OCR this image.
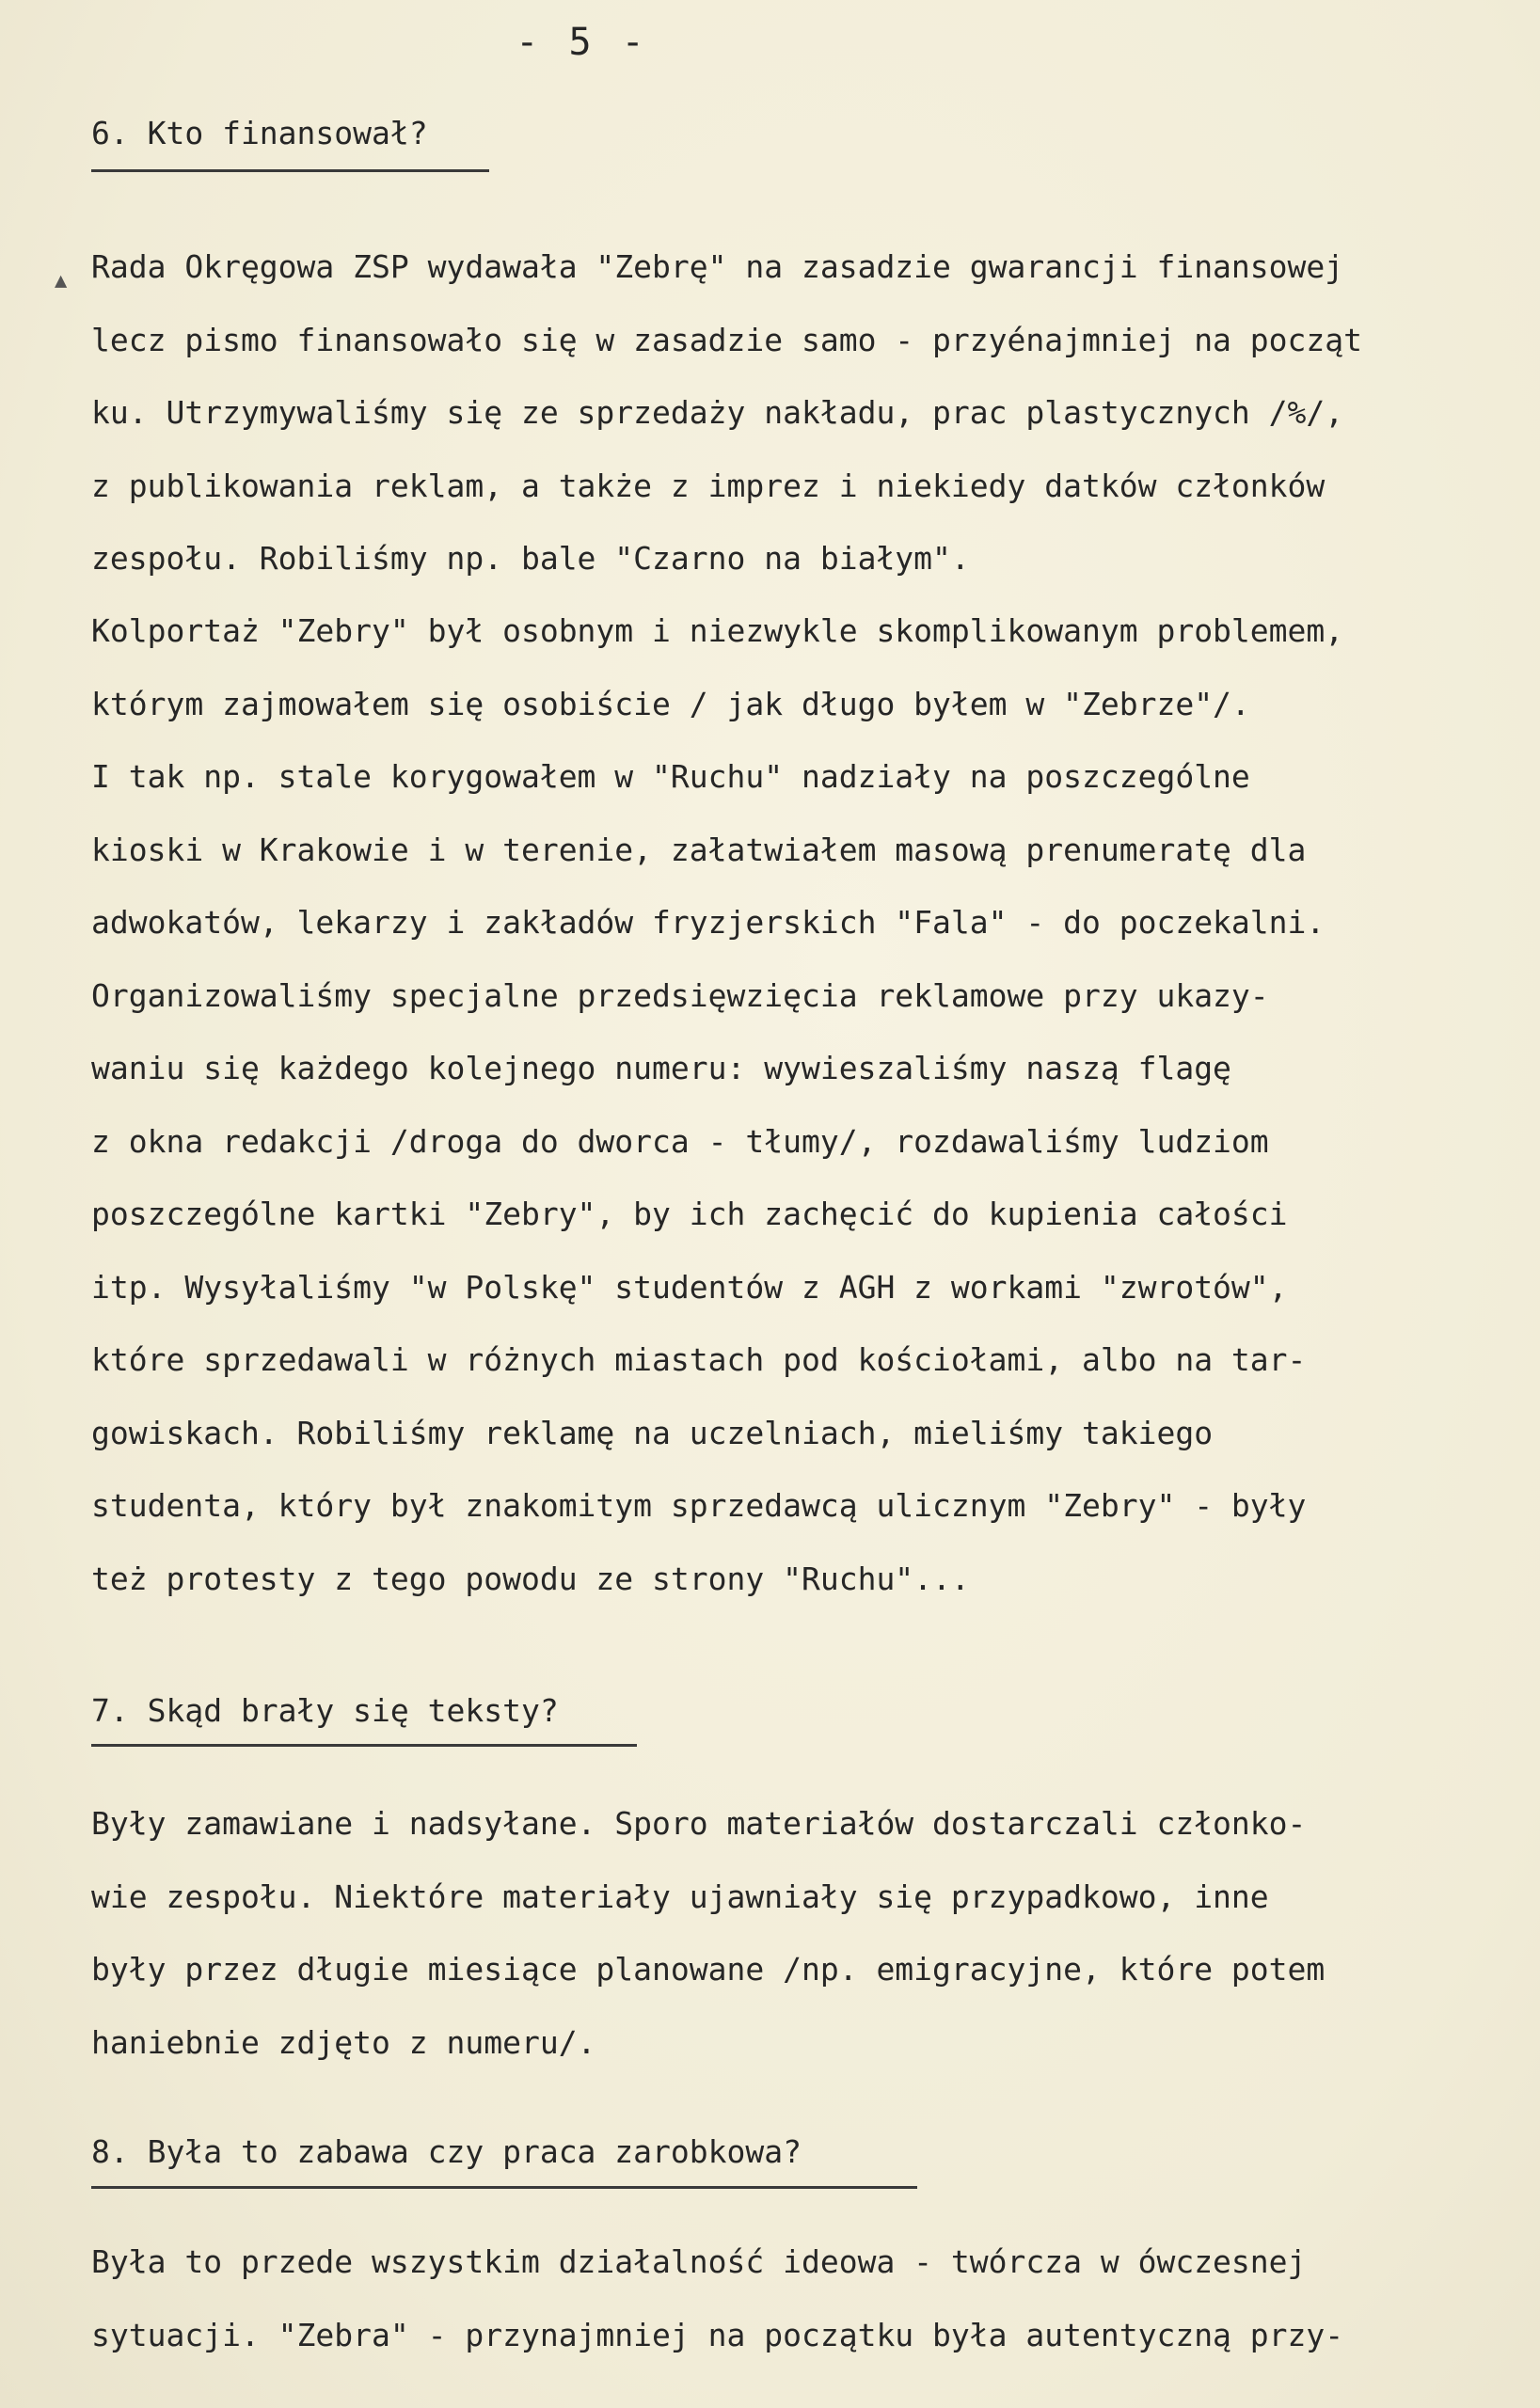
- 5 -
6. Kto finansował?
▲ Rada Okręgowa ZSP wydawała "Zebrę" na zasadzie gwarancji finansowej
lecz pismo finansowało się w zasadzie samo - przyénajmniej na począt
ku. Utrzymywaliśmy się ze sprzedaży nakładu, prac plastycznych /%/,
z publikowania reklam, a także z imprez i niekiedy datków członków
zespołu. Robiliśmy np. bale "Czarno na białym".
Kolportaż "Zebry" był osobnym i niezwykle skomplikowanym problemem,
którym zajmowałem się osobiście / jak długo byłem w "Zebrze"/.
I tak np. stale korygowałem w "Ruchu" nadziały na poszczególne
kioski w Krakowie i w terenie, załatwiałem masową prenumeratę dla
adwokatów, lekarzy i zakładów fryzjerskich "Fala" - do poczekalni.
Organizowaliśmy specjalne przedsięwzięcia reklamowe przy ukazy-
waniu się każdego kolejnego numeru: wywieszaliśmy naszą flagę
z okna redakcji /droga do dworca - tłumy/, rozdawaliśmy ludziom
poszczególne kartki "Zebry", by ich zachęcić do kupienia całości
itp. Wysyłaliśmy "w Polskę" studentów z AGH z workami "zwrotów",
które sprzedawali w różnych miastach pod kościołami, albo na tar-
gowiskach. Robiliśmy reklamę na uczelniach, mieliśmy takiego
studenta, który był znakomitym sprzedawcą ulicznym "Zebry" - były
też protesty z tego powodu ze strony "Ruchu"...
7. Skąd brały się teksty?
Były zamawiane i nadsyłane. Sporo materiałów dostarczali członko-
wie zespołu. Niektóre materiały ujawniały się przypadkowo, inne
były przez długie miesiące planowane /np. emigracyjne, które potem
haniebnie zdjęto z numeru/.
8. Była to zabawa czy praca zarobkowa?
Była to przede wszystkim działalność ideowa - twórcza w ówczesnej
sytuacji. "Zebra" - przynajmniej na początku była autentyczną przy-
